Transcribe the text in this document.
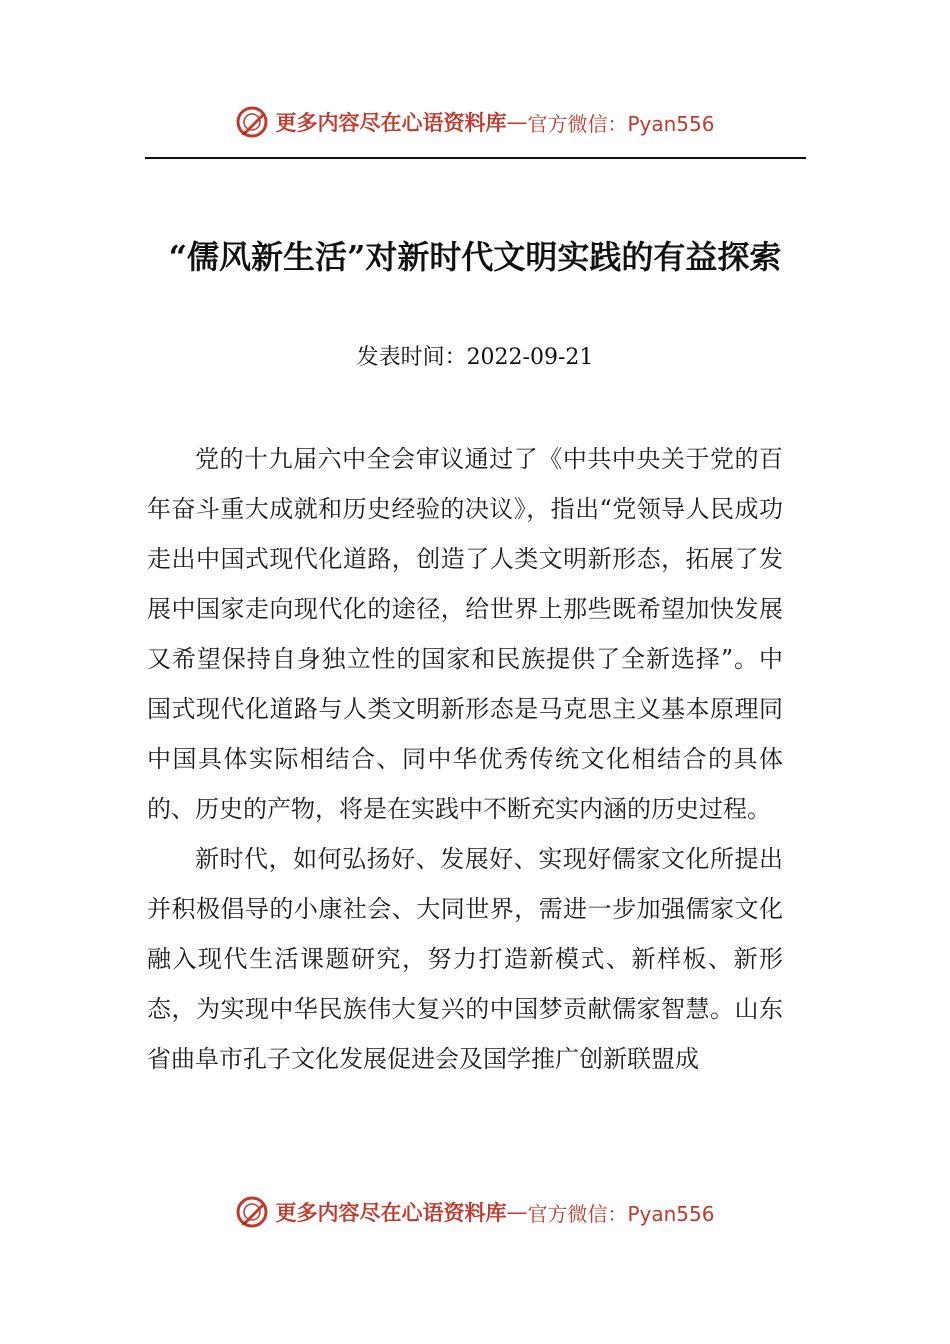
更多内容尽在心语资料库 — 官方微信：Pyan556
“儒风新生活”对新时代文明实践的有益探索
发表时间：2022-09-21

党的十九届六中全会审议通过了《中共中央关于党的百年奋斗重大成就和历史经验的决议》，指出“党领导人民成功走出中国式现代化道路，创造了人类文明新形态，拓展了发展中国家走向现代化的途径，给世界上那些既希望加快发展又希望保持自身独立性的国家和民族提供了全新选择”。中国式现代化道路与人类文明新形态是马克思主义基本原理同中国具体实际相结合、同中华优秀传统文化相结合的具体的、历史的产物，将是在实践中不断充实内涵的历史过程。

新时代，如何弘扬好、发展好、实现好儒家文化所提出并积极倡导的小康社会、大同世界，需进一步加强儒家文化融入现代生活课题研究，努力打造新模式、新样板、新形态，为实现中华民族伟大复兴的中国梦贡献儒家智慧。山东省曲阜市孔子文化发展促进会及国学推广创新联盟成

更多内容尽在心语资料库 — 官方微信：Pyan556
